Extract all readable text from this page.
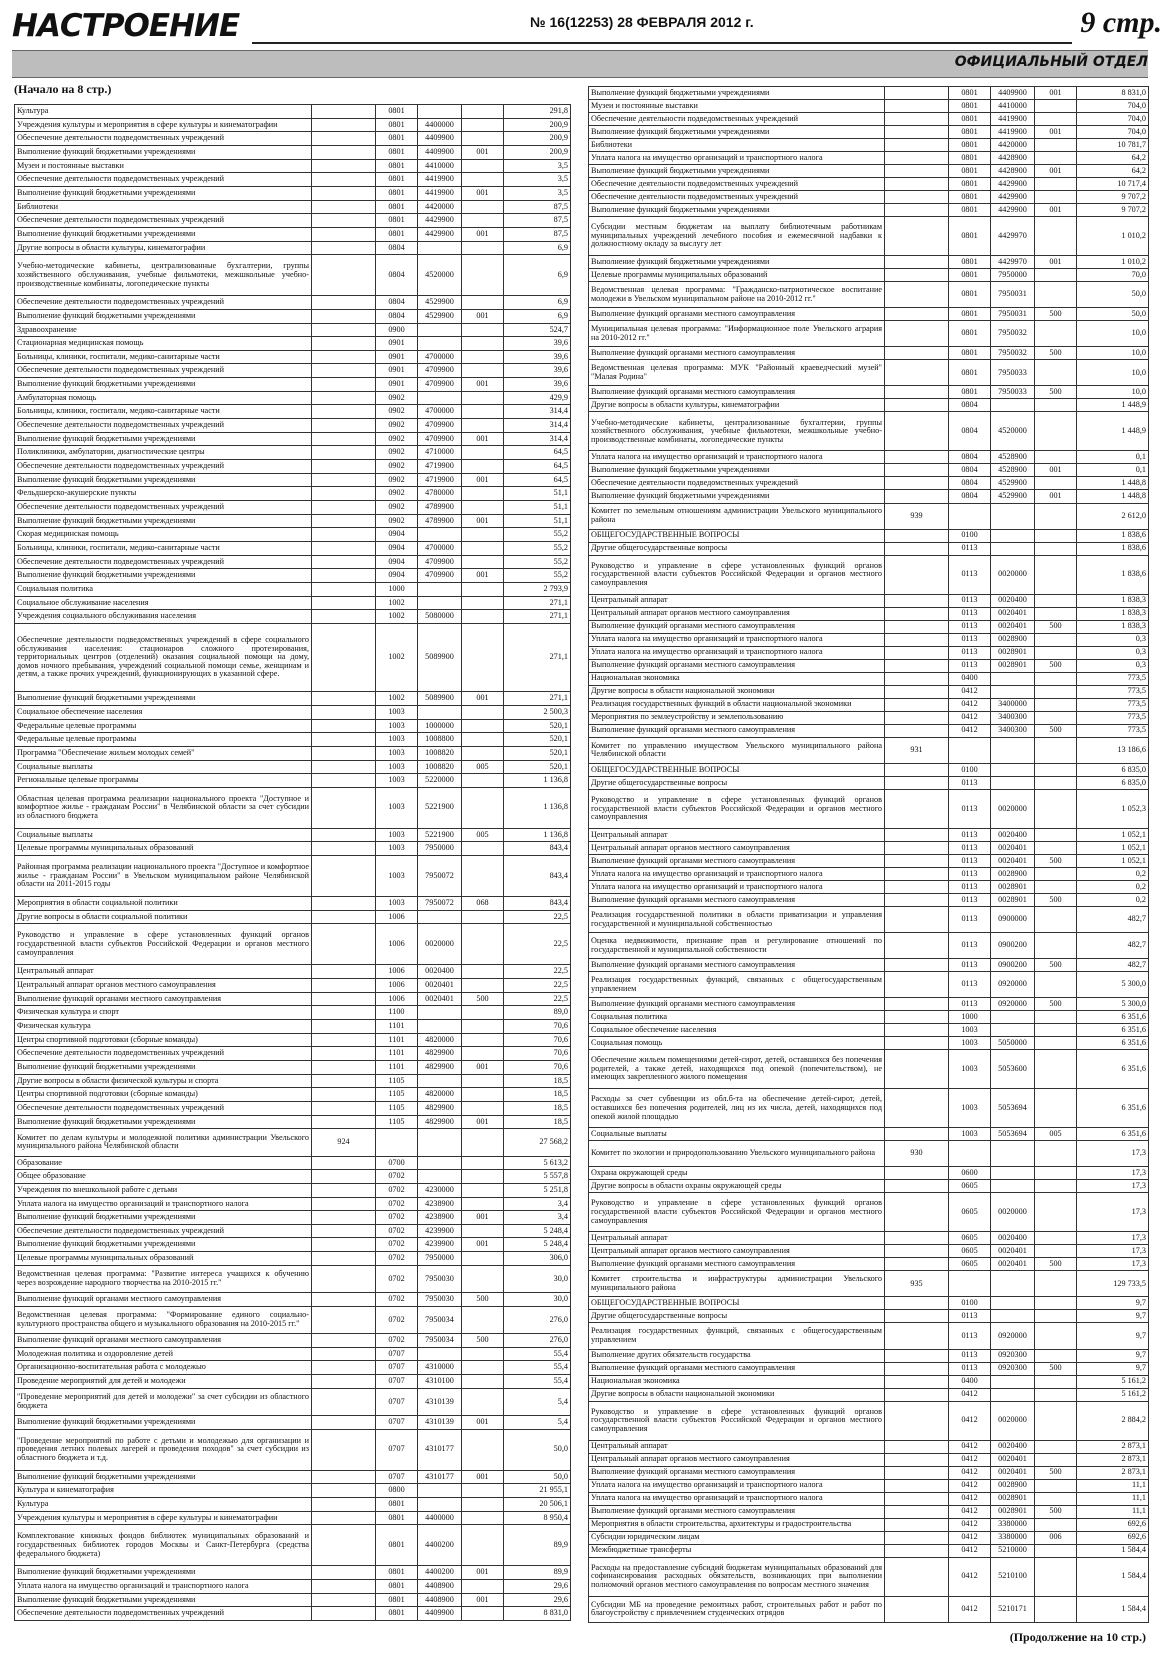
НАСТРОЕНИЕ	№ 16(12253) 28 ФЕВРАЛЯ 2012 г.	9 стр.
ОФИЦИАЛЬНЫЙ ОТДЕЛ
(Начало на 8 стр.)
Культура		0801			291,8
Учреждения культуры и мероприятия в сфере культуры и кинематографии		0801	4400000		200,9
Обеспечение деятельности подведомственных учреждений		0801	4409900		200,9
Выполнение функций бюджетными учреждениями		0801	4409900	001	200,9
Музеи и постоянные выставки		0801	4410000		3,5
Обеспечение деятельности подведомственных учреждений		0801	4419900		3,5
Выполнение функций бюджетными учреждениями		0801	4419900	001	3,5
Библиотеки		0801	4420000		87,5
Обеспечение деятельности подведомственных учреждений		0801	4429900		87,5
Выполнение функций бюджетными учреждениями		0801	4429900	001	87,5
Другие вопросы в области культуры, кинематографии		0804			6,9
Учебно-методические кабинеты, централизованные бухгалтерии, группы хозяйственного обслуживания, учебные фильмотеки, межшкольные учебно-производственные комбинаты, логопедические пункты		0804	4520000		6,9
Обеспечение деятельности подведомственных учреждений		0804	4529900		6,9
Выполнение функций бюджетными учреждениями		0804	4529900	001	6,9
Здравоохранение		0900			524,7
Стационарная медицинская помощь		0901			39,6
Больницы, клиники, госпитали, медико-санитарные части		0901	4700000		39,6
Обеспечение деятельности подведомственных учреждений		0901	4709900		39,6
Выполнение функций бюджетными учреждениями		0901	4709900	001	39,6
Амбулаторная помощь		0902			429,9
Больницы, клиники, госпитали, медико-санитарные части		0902	4700000		314,4
Обеспечение деятельности подведомственных учреждений		0902	4709900		314,4
Выполнение функций бюджетными учреждениями		0902	4709900	001	314,4
Поликлиники, амбулатории, диагностические центры		0902	4710000		64,5
Обеспечение деятельности подведомственных учреждений		0902	4719900		64,5
Выполнение функций бюджетными учреждениями		0902	4719900	001	64,5
Фельдшерско-акушерские пункты		0902	4780000		51,1
Обеспечение деятельности подведомственных учреждений		0902	4789900		51,1
Выполнение функций бюджетными учреждениями		0902	4789900	001	51,1
Скорая медицинская помощь		0904			55,2
Больницы, клиники, госпитали, медико-санитарные части		0904	4700000		55,2
Обеспечение деятельности подведомственных учреждений		0904	4709900		55,2
Выполнение функций бюджетными учреждениями		0904	4709900	001	55,2
Социальная политика		1000			2 793,9
Социальное обслуживание населения		1002			271,1
Учреждения социального обслуживания населения		1002	5080000		271,1
Обеспечение деятельности подведомственных учреждений в сфере социального обслуживания населения: стационаров сложного протезирования, территориальных центров (отделений) оказания социальной помощи на дому, домов ночного пребывания, учреждений социальной помощи семье, женщинам и детям, а также прочих учреждений, функционирующих в указанной сфере.		1002	5089900		271,1
Выполнение функций бюджетными учреждениями		1002	5089900	001	271,1
Социальное обеспечение населения		1003			2 500,3
Федеральные целевые программы		1003	1000000		520,1
Федеральные целевые программы		1003	1008800		520,1
Программа "Обеспечение жильем молодых семей"		1003	1008820		520,1
Социальные выплаты		1003	1008820	005	520,1
Региональные целевые программы		1003	5220000		1 136,8
Областная целевая программа реализации национального проекта "Доступное и комфортное жилье - гражданам России" в Челябинской области за счет субсидии из областного бюджета		1003	5221900		1 136,8
Социальные выплаты		1003	5221900	005	1 136,8
Целевые программы муниципальных образований		1003	7950000		843,4
Районная программа реализации национального проекта "Доступное и комфортное жилье - гражданам России" в Увельском муниципальном районе Челябинской области на 2011-2015 годы		1003	7950072		843,4
Мероприятия в области социальной политики		1003	7950072	068	843,4
Другие вопросы в области социальной политики		1006			22,5
Руководство и управление в сфере установленных функций органов государственной власти субъектов Российской Федерации и органов местного самоуправления		1006	0020000		22,5
Центральный аппарат		1006	0020400		22,5
Центральный аппарат органов местного самоуправления		1006	0020401		22,5
Выполнение функций органами местного самоуправления		1006	0020401	500	22,5
Физическая культура и спорт		1100			89,0
Физическая культура		1101			70,6
Центры спортивной подготовки (сборные команды)		1101	4820000		70,6
Обеспечение деятельности подведомственных учреждений		1101	4829900		70,6
Выполнение функций бюджетными учреждениями		1101	4829900	001	70,6
Другие вопросы в области физической культуры и спорта		1105			18,5
Центры спортивной подготовки (сборные команды)		1105	4820000		18,5
Обеспечение деятельности подведомственных учреждений		1105	4829900		18,5
Выполнение функций бюджетными учреждениями		1105	4829900	001	18,5
Комитет по делам культуры и молодежной политики администрации Увельского муниципального района Челябинской области	924				27 568,2
Образование		0700			5 613,2
Общее образование		0702			5 557,8
Учреждения по внешкольной работе с детьми		0702	4230000		5 251,8
Уплата налога на имущество организаций и транспортного налога		0702	4238900		3,4
Выполнение функций бюджетными учреждениями		0702	4238900	001	3,4
Обеспечение деятельности подведомственных учреждений		0702	4239900		5 248,4
Выполнение функций бюджетными учреждениями		0702	4239900	001	5 248,4
Целевые программы муниципальных образований		0702	7950000		306,0
Ведомственная целевая программа: "Развитие интереса учащихся к обучению через возрождение народного творчества на 2010-2015 гг."		0702	7950030		30,0
Выполнение функций органами местного самоуправления		0702	7950030	500	30,0
Ведомственная целевая программа: "Формирование единого социально-культурного пространства общего и музыкального образования на 2010-2015 гг."		0702	7950034		276,0
Выполнение функций органами местного самоуправления		0702	7950034	500	276,0
Молодежная политика и оздоровление детей		0707			55,4
Организационно-воспитательная работа с молодежью		0707	4310000		55,4
Проведение мероприятий для детей и молодежи		0707	4310100		55,4
"Проведение мероприятий для детей и молодежи" за счет субсидии из областного бюджета		0707	4310139		5,4
Выполнение функций бюджетными учреждениями		0707	4310139	001	5,4
"Проведение мероприятий по работе с детьми и молодежью для организации и проведения летних полевых лагерей и проведения походов" за счет субсидии из областного бюджета и т.д.		0707	4310177		50,0
Выполнение функций бюджетными учреждениями		0707	4310177	001	50,0
Культура и кинематография		0800			21 955,1
Культура		0801			20 506,1
Учреждения культуры и мероприятия в сфере культуры и кинематографии		0801	4400000		8 950,4
Комплектование книжных фондов библиотек муниципальных образований и государственных библиотек городов Москвы и Санкт-Петербурга (средства федерального бюджета)		0801	4400200		89,9
Выполнение функций бюджетными учреждениями		0801	4400200	001	89,9
Уплата налога на имущество организаций и транспортного налога		0801	4408900		29,6
Выполнение функций бюджетными учреждениями		0801	4408900	001	29,6
Обеспечение деятельности подведомственных учреждений		0801	4409900		8 831,0
Выполнение функций бюджетными учреждениями		0801	4409900	001	8 831,0
Музеи и постоянные выставки		0801	4410000		704,0
Обеспечение деятельности подведомственных учреждений		0801	4419900		704,0
Выполнение функций бюджетными учреждениями		0801	4419900	001	704,0
Библиотеки		0801	4420000		10 781,7
Уплата налога на имущество организаций и транспортного налога		0801	4428900		64,2
Выполнение функций бюджетными учреждениями		0801	4428900	001	64,2
Обеспечение деятельности подведомственных учреждений		0801	4429900		10 717,4
Обеспечение деятельности подведомственных учреждений		0801	4429900		9 707,2
Выполнение функций бюджетными учреждениями		0801	4429900	001	9 707,2
Субсидии местным бюджетам на выплату библиотечным работникам муниципальных учреждений лечебного пособия и ежемесячной надбавки к должностному окладу за выслугу лет		0801	4429970		1 010,2
Выполнение функций бюджетными учреждениями		0801	4429970	001	1 010,2
Целевые программы муниципальных образований		0801	7950000		70,0
Ведомственная целевая программа: "Гражданско-патриотическое воспитание молодежи в Увельском муниципальном районе на 2010-2012 гг."		0801	7950031		50,0
Выполнение функций органами местного самоуправления		0801	7950031	500	50,0
Муниципальная целевая программа: "Информационное поле Увельского агрария на 2010-2012 гг."		0801	7950032		10,0
Выполнение функций органами местного самоуправления		0801	7950032	500	10,0
Ведомственная целевая программа: МУК "Районный краеведческий музей" "Малая Родина"		0801	7950033		10,0
Выполнение функций органами местного самоуправления		0801	7950033	500	10,0
Другие вопросы в области культуры, кинематографии		0804			1 448,9
Учебно-методические кабинеты, централизованные бухгалтерии, группы хозяйственного обслуживания, учебные фильмотеки, межшкольные учебно-производственные комбинаты, логопедические пункты		0804	4520000		1 448,9
Уплата налога на имущество организаций и транспортного налога		0804	4528900		0,1
Выполнение функций бюджетными учреждениями		0804	4528900	001	0,1
Обеспечение деятельности подведомственных учреждений		0804	4529900		1 448,8
Выполнение функций бюджетными учреждениями		0804	4529900	001	1 448,8
Комитет по земельным отношениям администрации Увельского муниципального района	939				2 612,0
ОБЩЕГОСУДАРСТВЕННЫЕ ВОПРОСЫ		0100			1 838,6
Другие общегосударственные вопросы		0113			1 838,6
Руководство и управление в сфере установленных функций органов государственной власти субъектов Российской Федерации и органов местного самоуправления		0113	0020000		1 838,6
Центральный аппарат		0113	0020400		1 838,3
Центральный аппарат органов местного самоуправления		0113	0020401		1 838,3
Выполнение функций органами местного самоуправления		0113	0020401	500	1 838,3
Уплата налога на имущество организаций и транспортного налога		0113	0028900		0,3
Уплата налога на имущество организаций и транспортного налога		0113	0028901		0,3
Выполнение функций органами местного самоуправления		0113	0028901	500	0,3
Национальная экономика		0400			773,5
Другие вопросы в области национальной экономики		0412			773,5
Реализация государственных функций в области национальной экономики		0412	3400000		773,5
Мероприятия по землеустройству и землепользованию		0412	3400300		773,5
Выполнение функций органами местного самоуправления		0412	3400300	500	773,5
Комитет по управлению имуществом Увельского муниципального района Челябинской области	931				13 186,6
ОБЩЕГОСУДАРСТВЕННЫЕ ВОПРОСЫ		0100			6 835,0
Другие общегосударственные вопросы		0113			6 835,0
Руководство и управление в сфере установленных функций органов государственной власти субъектов Российской Федерации и органов местного самоуправления		0113	0020000		1 052,3
Центральный аппарат		0113	0020400		1 052,1
Центральный аппарат органов местного самоуправления		0113	0020401		1 052,1
Выполнение функций органами местного самоуправления		0113	0020401	500	1 052,1
Уплата налога на имущество организаций и транспортного налога		0113	0028900		0,2
Уплата налога на имущество организаций и транспортного налога		0113	0028901		0,2
Выполнение функций органами местного самоуправления		0113	0028901	500	0,2
Реализация государственной политики в области приватизации и управления государственной и муниципальной собственностью		0113	0900000		482,7
Оценка недвижимости, признание прав и регулирование отношений по государственной и муниципальной собственности		0113	0900200		482,7
Выполнение функций органами местного самоуправления		0113	0900200	500	482,7
Реализация государственных функций, связанных с общегосударственным управлением		0113	0920000		5 300,0
Выполнение функций органами местного самоуправления		0113	0920000	500	5 300,0
Социальная политика		1000			6 351,6
Социальное обеспечение населения		1003			6 351,6
Социальная помощь		1003	5050000		6 351,6
Обеспечение жильем помещениями детей-сирот, детей, оставшихся без попечения родителей, а также детей, находящихся под опекой (попечительством), не имеющих закрепленного жилого помещения		1003	5053600		6 351,6
Расходы за счет субвенции из обл.б-та на обеспечение детей-сирот, детей, оставшихся без попечения родителей, лиц из их числа, детей, находящихся под опекой жилой площадью		1003	5053694		6 351,6
Социальные выплаты		1003	5053694	005	6 351,6
Комитет по экологии и природопользованию Увельского муниципального района	930				17,3
Охрана окружающей среды		0600			17,3
Другие вопросы в области охраны окружающей среды		0605			17,3
Руководство и управление в сфере установленных функций органов государственной власти субъектов Российской Федерации и органов местного самоуправления		0605	0020000		17,3
Центральный аппарат		0605	0020400		17,3
Центральный аппарат органов местного самоуправления		0605	0020401		17,3
Выполнение функций органами местного самоуправления		0605	0020401	500	17,3
Комитет строительства и инфраструктуры администрации Увельского муниципального района	935				129 733,5
ОБЩЕГОСУДАРСТВЕННЫЕ ВОПРОСЫ		0100			9,7
Другие общегосударственные вопросы		0113			9,7
Реализация государственных функций, связанных с общегосударственным управлением		0113	0920000		9,7
Выполнение других обязательств государства		0113	0920300		9,7
Выполнение функций органами местного самоуправления		0113	0920300	500	9,7
Национальная экономика		0400			5 161,2
Другие вопросы в области национальной экономики		0412			5 161,2
Руководство и управление в сфере установленных функций органов государственной власти субъектов Российской Федерации и органов местного самоуправления		0412	0020000		2 884,2
Центральный аппарат		0412	0020400		2 873,1
Центральный аппарат органов местного самоуправления		0412	0020401		2 873,1
Выполнение функций органами местного самоуправления		0412	0020401	500	2 873,1
Уплата налога на имущество организаций и транспортного налога		0412	0028900		11,1
Уплата налога на имущество организаций и транспортного налога		0412	0028901		11,1
Выполнение функций органами местного самоуправления		0412	0028901	500	11,1
Мероприятия в области строительства, архитектуры и градостроительства		0412	3380000		692,6
Субсидии юридическим лицам		0412	3380000	006	692,6
Межбюджетные трансферты		0412	5210000		1 584,4
Расходы на предоставление субсидий бюджетам муниципальных образований для софинансирования расходных обязательств, возникающих при выполнении полномочий органов местного самоуправления по вопросам местного значения		0412	5210100		1 584,4
Субсидии МБ на проведение ремонтных работ, строительных работ и работ по благоустройству с привлечением студенческих отрядов		0412	5210171		1 584,4
(Продолжение на 10 стр.)
